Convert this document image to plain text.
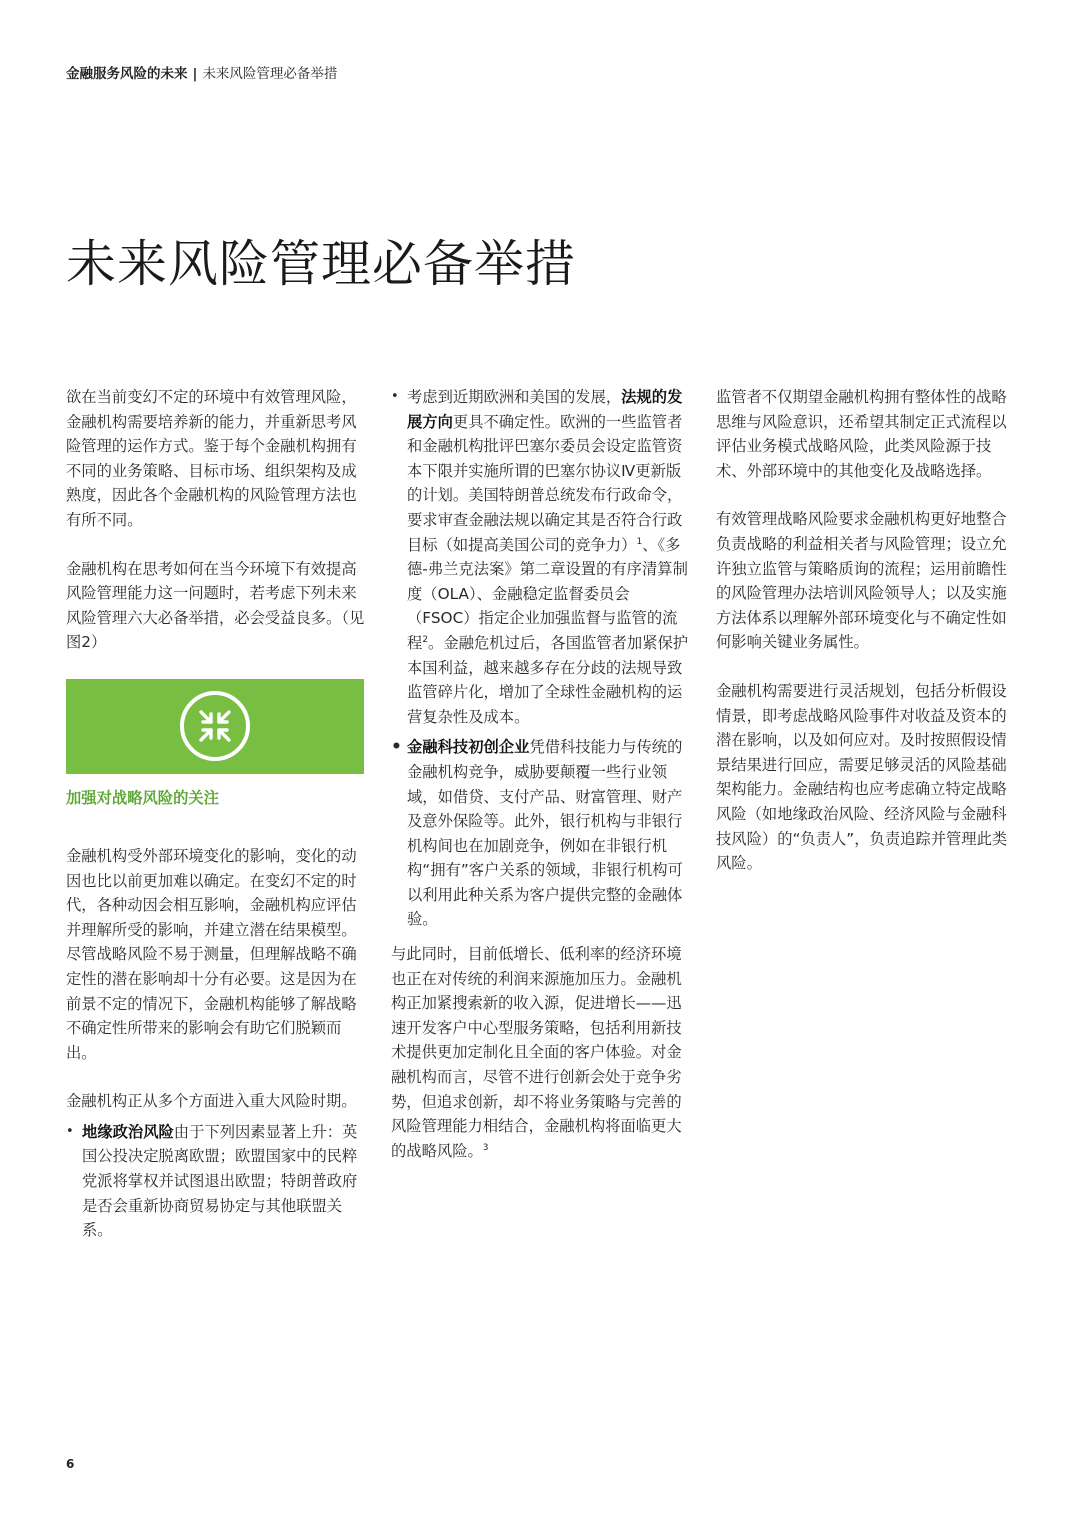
金融服务风险的未来 | 未来风险管理必备举措
未来风险管理必备举措

欲在当前变幻不定的环境中有效管理风险，金融机构需要培养新的能力，并重新思考风险管理的运作方式。鉴于每个金融机构拥有不同的业务策略、目标市场、组织架构及成熟度，因此各个金融机构的风险管理方法也有所不同。

金融机构在思考如何在当今环境下有效提高风险管理能力这一问题时，若考虑下列未来风险管理六大必备举措，必会受益良多。（见图2）

加强对战略风险的关注

金融机构受外部环境变化的影响，变化的动因也比以前更加难以确定。在变幻不定的时代，各种动因会相互影响，金融机构应评估并理解所受的影响，并建立潜在结果模型。尽管战略风险不易于测量，但理解战略不确定性的潜在影响却十分有必要。这是因为在前景不定的情况下，金融机构能够了解战略不确定性所带来的影响会有助它们脱颖而出。

金融机构正从多个方面进入重大风险时期。

• 地缘政治风险由于下列因素显著上升：英国公投决定脱离欧盟；欧盟国家中的民粹党派将掌权并试图退出欧盟；特朗普政府是否会重新协商贸易协定与其他联盟关系。
• 考虑到近期欧洲和美国的发展，法规的发展方向更具不确定性。欧洲的一些监管者和金融机构批评巴塞尔委员会设定监管资本下限并实施所谓的巴塞尔协议Ⅳ更新版的计划。美国特朗普总统发布行政命令，要求审查金融法规以确定其是否符合行政目标（如提高美国公司的竞争力）$^1$、《多德-弗兰克法案》第二章设置的有序清算制度（OLA）、金融稳定监督委员会（FSOC）指定企业加强监督与监管的流程$^2$。金融危机过后，各国监管者加紧保护本国利益，越来越多存在分歧的法规导致监管碎片化，增加了全球性金融机构的运营复杂性及成本。
• 金融科技初创企业凭借科技能力与传统的金融机构竞争，威胁要颠覆一些行业领域，如借贷、支付产品、财富管理、财产及意外保险等。此外，银行机构与非银行机构间也在加剧竞争，例如在非银行机构“拥有”客户关系的领域，非银行机构可以利用此种关系为客户提供完整的金融体验。

与此同时，目前低增长、低利率的经济环境也正在对传统的利润来源施加压力。金融机构正加紧搜索新的收入源，促进增长——迅速开发客户中心型服务策略，包括利用新技术提供更加定制化且全面的客户体验。对金融机构而言，尽管不进行创新会处于竞争劣势，但追求创新，却不将业务策略与完善的风险管理能力相结合，金融机构将面临更大的战略风险。$^3$

监管者不仅期望金融机构拥有整体性的战略思维与风险意识，还希望其制定正式流程以评估业务模式战略风险，此类风险源于技术、外部环境中的其他变化及战略选择。

有效管理战略风险要求金融机构更好地整合负责战略的利益相关者与风险管理；设立允许独立监管与策略质询的流程；运用前瞻性的风险管理办法培训风险领导人；以及实施方法体系以理解外部环境变化与不确定性如何影响关键业务属性。

金融机构需要进行灵活规划，包括分析假设情景，即考虑战略风险事件对收益及资本的潜在影响，以及如何应对。及时按照假设情景结果进行回应，需要足够灵活的风险基础架构能力。金融结构也应考虑确立特定战略风险（如地缘政治风险、经济风险与金融科技风险）的“负责人”，负责追踪并管理此类风险。

6
